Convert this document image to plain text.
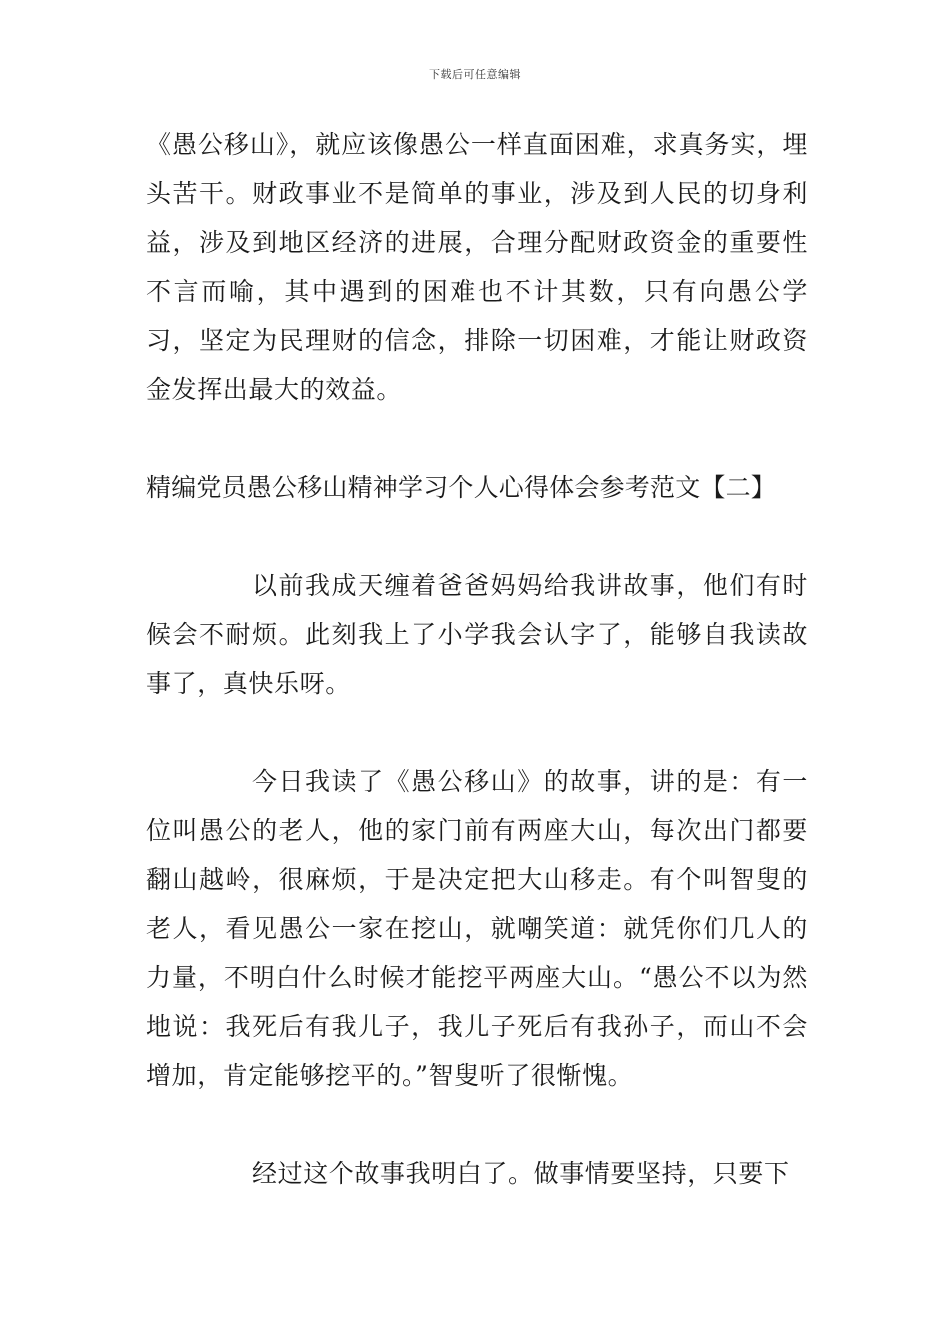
下载后可任意编辑

《愚公移山》，就应该像愚公一样直面困难，求真务实，埋头苦干。财政事业不是简单的事业，涉及到人民的切身利益，涉及到地区经济的进展，合理分配财政资金的重要性不言而喻，其中遇到的困难也不计其数，只有向愚公学习，坚定为民理财的信念，排除一切困难，才能让财政资金发挥出最大的效益。

精编党员愚公移山精神学习个人心得体会参考范文【二】

以前我成天缠着爸爸妈妈给我讲故事，他们有时候会不耐烦。此刻我上了小学我会认字了，能够自我读故事了，真快乐呀。

今日我读了《愚公移山》的故事，讲的是：有一位叫愚公的老人，他的家门前有两座大山，每次出门都要翻山越岭，很麻烦，于是决定把大山移走。有个叫智叟的老人，看见愚公一家在挖山，就嘲笑道：就凭你们几人的力量，不明白什么时候才能挖平两座大山。“愚公不以为然地说：我死后有我儿子，我儿子死后有我孙子，而山不会增加，肯定能够挖平的。”智叟听了很惭愧。

经过这个故事我明白了。做事情要坚持，只要下
